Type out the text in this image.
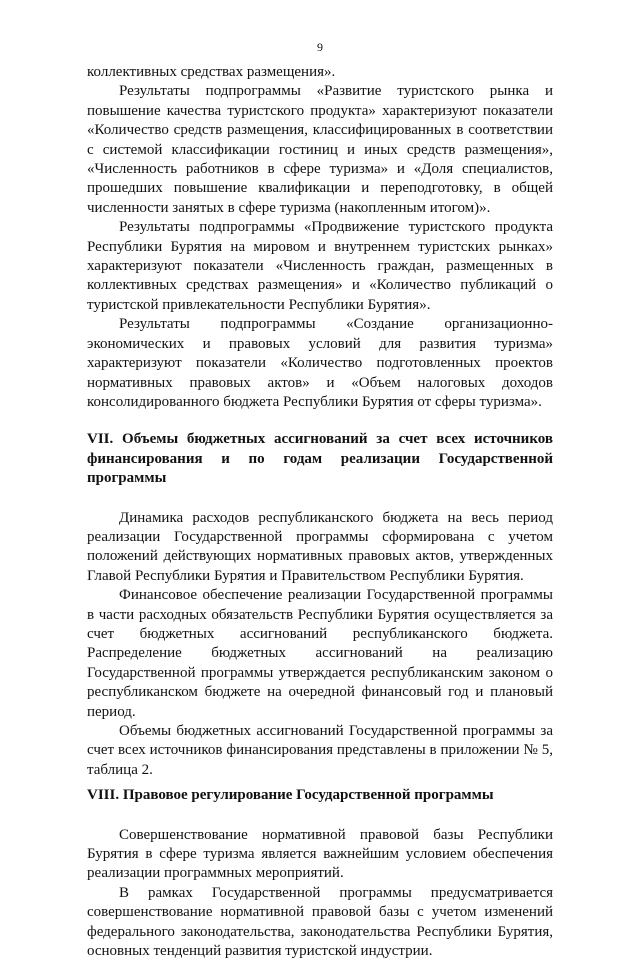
9

коллективных средствах размещения».

Результаты подпрограммы «Развитие туристского рынка и повышение качества туристского продукта» характеризуют показатели «Количество средств размещения, классифицированных в соответствии с системой классификации гостиниц и иных средств размещения», «Численность работников в сфере туризма» и «Доля специалистов, прошедших повышение квалификации и переподготовку, в общей численности занятых в сфере туризма (накопленным итогом)».

Результаты подпрограммы «Продвижение туристского продукта Республики Бурятия на мировом и внутреннем туристских рынках» характеризуют показатели «Численность граждан, размещенных в коллективных средствах размещения» и «Количество публикаций о туристской привлекательности Республики Бурятия».

Результаты подпрограммы «Создание организационно-экономических и правовых условий для развития туризма» характеризуют показатели «Количество подготовленных проектов нормативных правовых актов» и «Объем налоговых доходов консолидированного бюджета Республики Бурятия от сферы туризма».

VII. Объемы бюджетных ассигнований за счет всех источников финансирования и по годам реализации Государственной программы

Динамика расходов республиканского бюджета на весь период реализации Государственной программы сформирована с учетом положений действующих нормативных правовых актов, утвержденных Главой Республики Бурятия и Правительством Республики Бурятия.

Финансовое обеспечение реализации Государственной программы в части расходных обязательств Республики Бурятия осуществляется за счет бюджетных ассигнований республиканского бюджета. Распределение бюджетных ассигнований на реализацию Государственной программы утверждается республиканским законом о республиканском бюджете на очередной финансовый год и плановый период.

Объемы бюджетных ассигнований Государственной программы за счет всех источников финансирования представлены в приложении № 5, таблица 2.

VIII. Правовое регулирование Государственной программы

Совершенствование нормативной правовой базы Республики Бурятия в сфере туризма является важнейшим условием обеспечения реализации программных мероприятий.

В рамках Государственной программы предусматривается совершенствование нормативной правовой базы с учетом изменений федерального законодательства, законодательства Республики Бурятия, основных тенденций развития туристской индустрии.
